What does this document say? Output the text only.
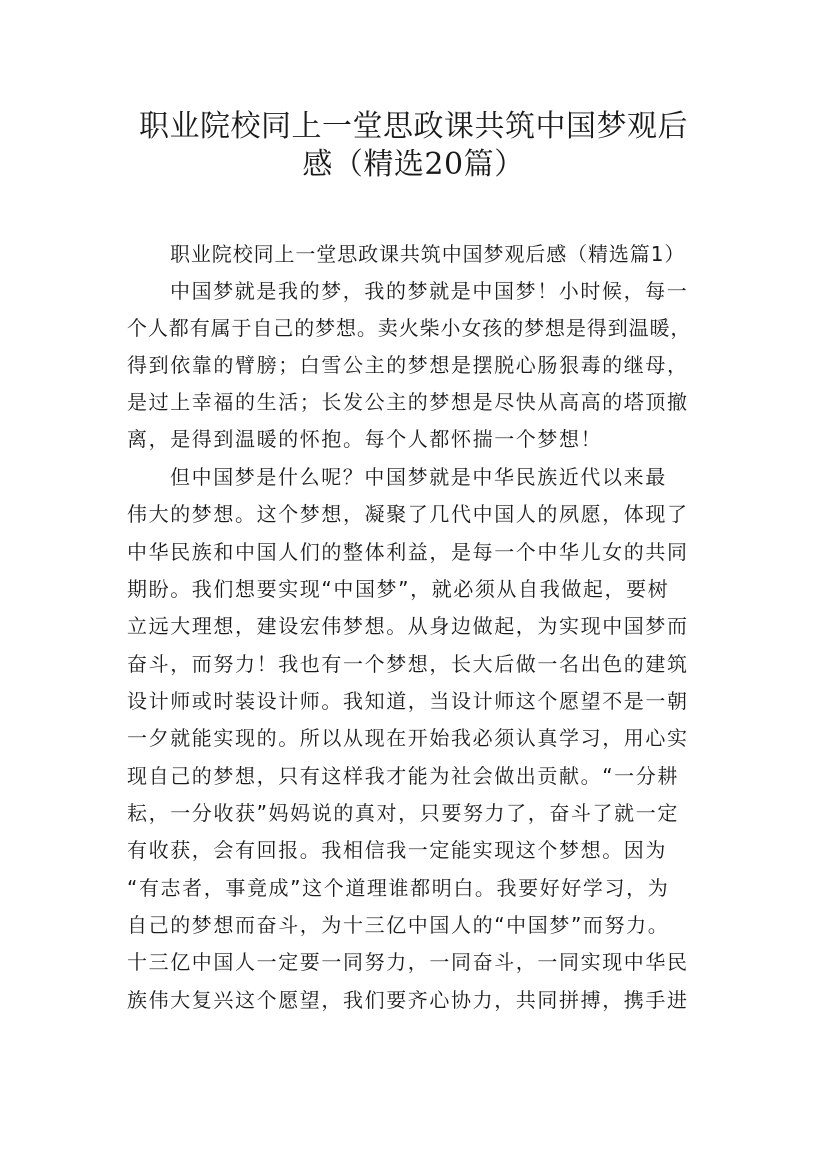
职业院校同上一堂思政课共筑中国梦观后
感（精选20篇）

职业院校同上一堂思政课共筑中国梦观后感（精选篇1）

中国梦就是我的梦，我的梦就是中国梦！小时候，每一

个人都有属于自己的梦想。卖火柴小女孩的梦想是得到温暖，

得到依靠的臂膀；白雪公主的梦想是摆脱心肠狠毒的继母，

是过上幸福的生活；长发公主的梦想是尽快从高高的塔顶撤

离，是得到温暖的怀抱。每个人都怀揣一个梦想！

但中国梦是什么呢？中国梦就是中华民族近代以来最

伟大的梦想。这个梦想，凝聚了几代中国人的夙愿，体现了

中华民族和中国人们的整体利益，是每一个中华儿女的共同

期盼。我们想要实现“中国梦”，就必须从自我做起，要树

立远大理想，建设宏伟梦想。从身边做起，为实现中国梦而

奋斗，而努力！我也有一个梦想，长大后做一名出色的建筑

设计师或时装设计师。我知道，当设计师这个愿望不是一朝

一夕就能实现的。所以从现在开始我必须认真学习，用心实

现自己的梦想，只有这样我才能为社会做出贡献。“一分耕

耘，一分收获”妈妈说的真对，只要努力了，奋斗了就一定

有收获，会有回报。我相信我一定能实现这个梦想。因为

“有志者，事竟成”这个道理谁都明白。我要好好学习，为

自己的梦想而奋斗，为十三亿中国人的“中国梦”而努力。

十三亿中国人一定要一同努力，一同奋斗，一同实现中华民

族伟大复兴这个愿望，我们要齐心协力，共同拼搏，携手进
